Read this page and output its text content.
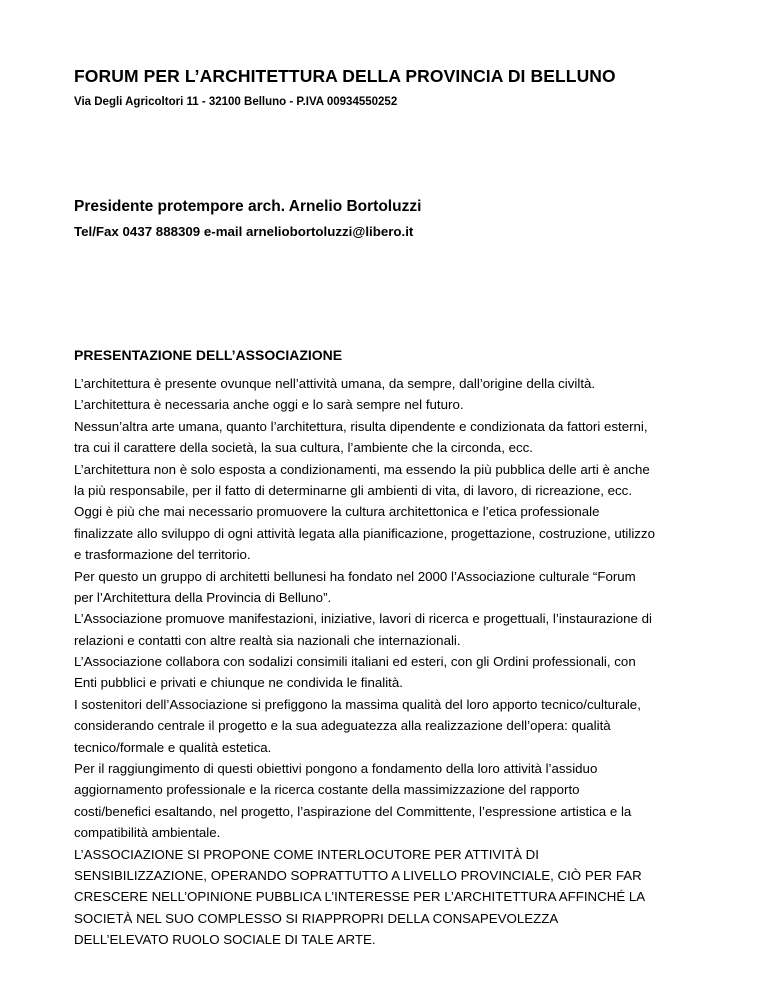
FORUM PER L’ARCHITETTURA DELLA PROVINCIA DI BELLUNO
Via Degli Agricoltori 11 - 32100 Belluno - P.IVA 00934550252
Presidente protempore arch. Arnelio Bortoluzzi
Tel/Fax 0437 888309 e-mail arneliobortoluzzi@libero.it
PRESENTAZIONE DELL’ASSOCIAZIONE
L’architettura è presente ovunque nell’attività umana, da sempre, dall’origine della civiltà.
L’architettura è necessaria anche oggi e lo sarà sempre nel futuro.
Nessun’altra arte umana, quanto l’architettura, risulta dipendente e condizionata da fattori esterni,
tra cui il carattere della società, la sua cultura, l’ambiente che la circonda, ecc.
L’architettura non è solo esposta a condizionamenti, ma essendo la più pubblica delle arti è anche
la più responsabile, per il fatto di determinarne gli ambienti di vita, di lavoro, di ricreazione, ecc.
Oggi è più che mai necessario promuovere la cultura architettonica e l’etica professionale
finalizzate allo sviluppo di ogni attività legata alla pianificazione, progettazione, costruzione, utilizzo
e trasformazione del territorio.
Per questo un gruppo di architetti bellunesi ha fondato nel 2000 l’Associazione culturale “Forum
per l’Architettura della Provincia di Belluno”.
L’Associazione promuove manifestazioni, iniziative, lavori di ricerca e progettuali, l’instaurazione di
relazioni e contatti con altre realtà sia nazionali che internazionali.
L’Associazione collabora con sodalizi consimili italiani ed esteri, con gli Ordini professionali, con
Enti pubblici e privati e chiunque ne condivida le finalità.
I sostenitori dell’Associazione si prefiggono la massima qualità del loro apporto tecnico/culturale,
considerando centrale il progetto e la sua adeguatezza alla realizzazione dell’opera: qualità
tecnico/formale e qualità estetica.
Per il raggiungimento di questi obiettivi pongono a fondamento della loro attività l’assiduo
aggiornamento professionale e la ricerca costante della massimizzazione del rapporto
costi/benefici esaltando, nel progetto, l’aspirazione del Committente, l’espressione artistica e la
compatibilità ambientale.
L’ASSOCIAZIONE SI PROPONE COME INTERLOCUTORE PER ATTIVITÀ DI
SENSIBILIZZAZIONE, OPERANDO SOPRATTUTTO A LIVELLO PROVINCIALE, CIÒ PER FAR
CRESCERE NELL’OPINIONE PUBBLICA L’INTERESSE PER L’ARCHITETTURA AFFINCHÉ LA
SOCIETÀ NEL SUO COMPLESSO SI RIAPPROPRI DELLA CONSAPEVOLEZZA
DELL’ELEVATO RUOLO SOCIALE DI TALE ARTE.
